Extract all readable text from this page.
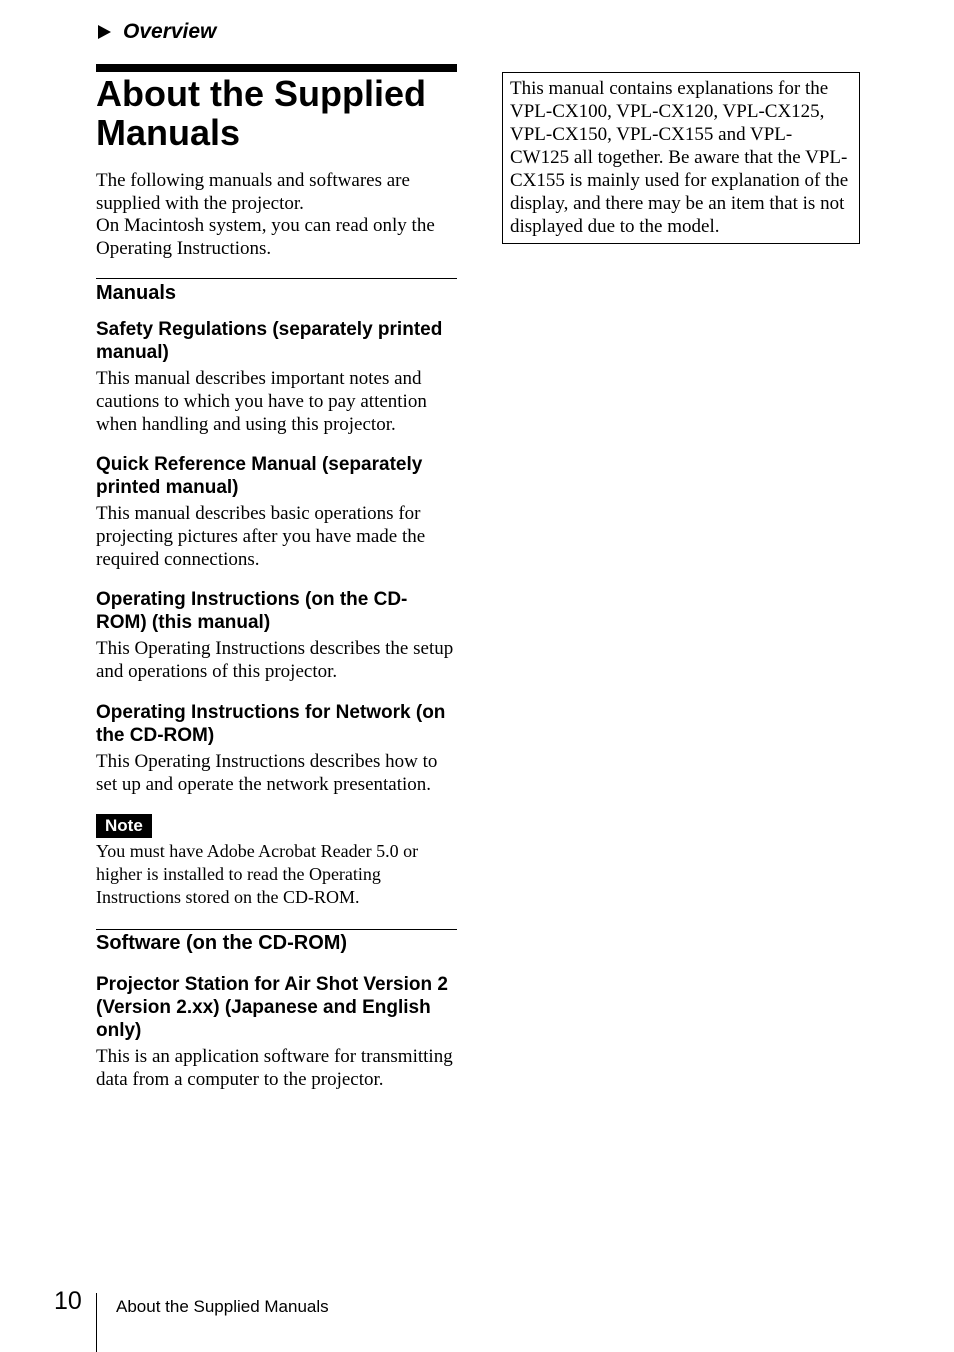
Overview
About the Supplied Manuals

The following manuals and softwares are supplied with the projector.

On Macintosh system, you can read only the Operating Instructions.

Manuals
Safety Regulations (separately printed manual)

This manual describes important notes and cautions to which you have to pay attention when handling and using this projector.

Quick Reference Manual (separately printed manual)

This manual describes basic operations for projecting pictures after you have made the required connections.

Operating Instructions (on the CD-ROM) (this manual)

This Operating Instructions describes the setup and operations of this projector.

Operating Instructions for Network (on the CD-ROM)

This Operating Instructions describes how to set up and operate the network presentation.

Note

You must have Adobe Acrobat Reader 5.0 or higher is installed to read the Operating Instructions stored on the CD-ROM.

Software (on the CD-ROM)
Projector Station for Air Shot Version 2 (Version 2.xx) (Japanese and English only)

This is an application software for transmitting data from a computer to the projector.

This manual contains explanations for the VPL-CX100, VPL-CX120, VPL-CX125, VPL-CX150, VPL-CX155 and VPL-CW125 all together. Be aware that the VPL-CX155 is mainly used for explanation of the display, and there may be an item that is not displayed due to the model.
10 About the Supplied Manuals
